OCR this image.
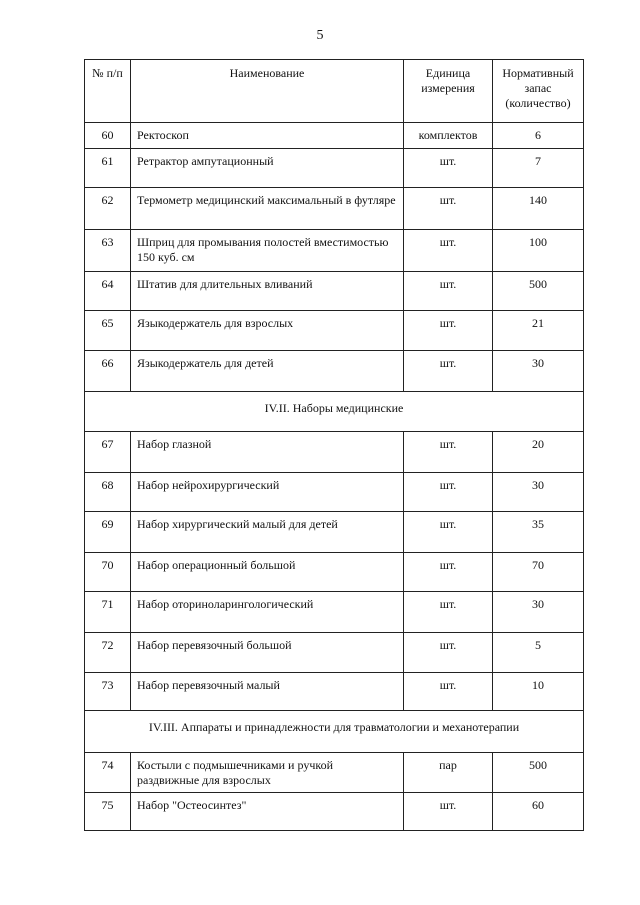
5
№ п/п	Наименование	Единица измерения	Нормативный запас (количество)
60	Ректоскоп	комплектов	6
61	Ретрактор ампутационный	шт.	7
62	Термометр медицинский максимальный в футляре	шт.	140
63	Шприц для промывания полостей вместимостью 150 куб. см	шт.	100
64	Штатив для длительных вливаний	шт.	500
65	Языкодержатель для взрослых	шт.	21
66	Языкодержатель для детей	шт.	30
IV.II. Наборы медицинские			
67	Набор глазной	шт.	20
68	Набор нейрохирургический	шт.	30
69	Набор хирургический малый для детей	шт.	35
70	Набор операционный большой	шт.	70
71	Набор оториноларингологический	шт.	30
72	Набор перевязочный большой	шт.	5
73	Набор перевязочный малый	шт.	10
IV.III. Аппараты и принадлежности для травматологии и механотерапии			
74	Костыли с подмышечниками и ручкой раздвижные для взрослых	пар	500
75	Набор "Остеосинтез"	шт.	60
